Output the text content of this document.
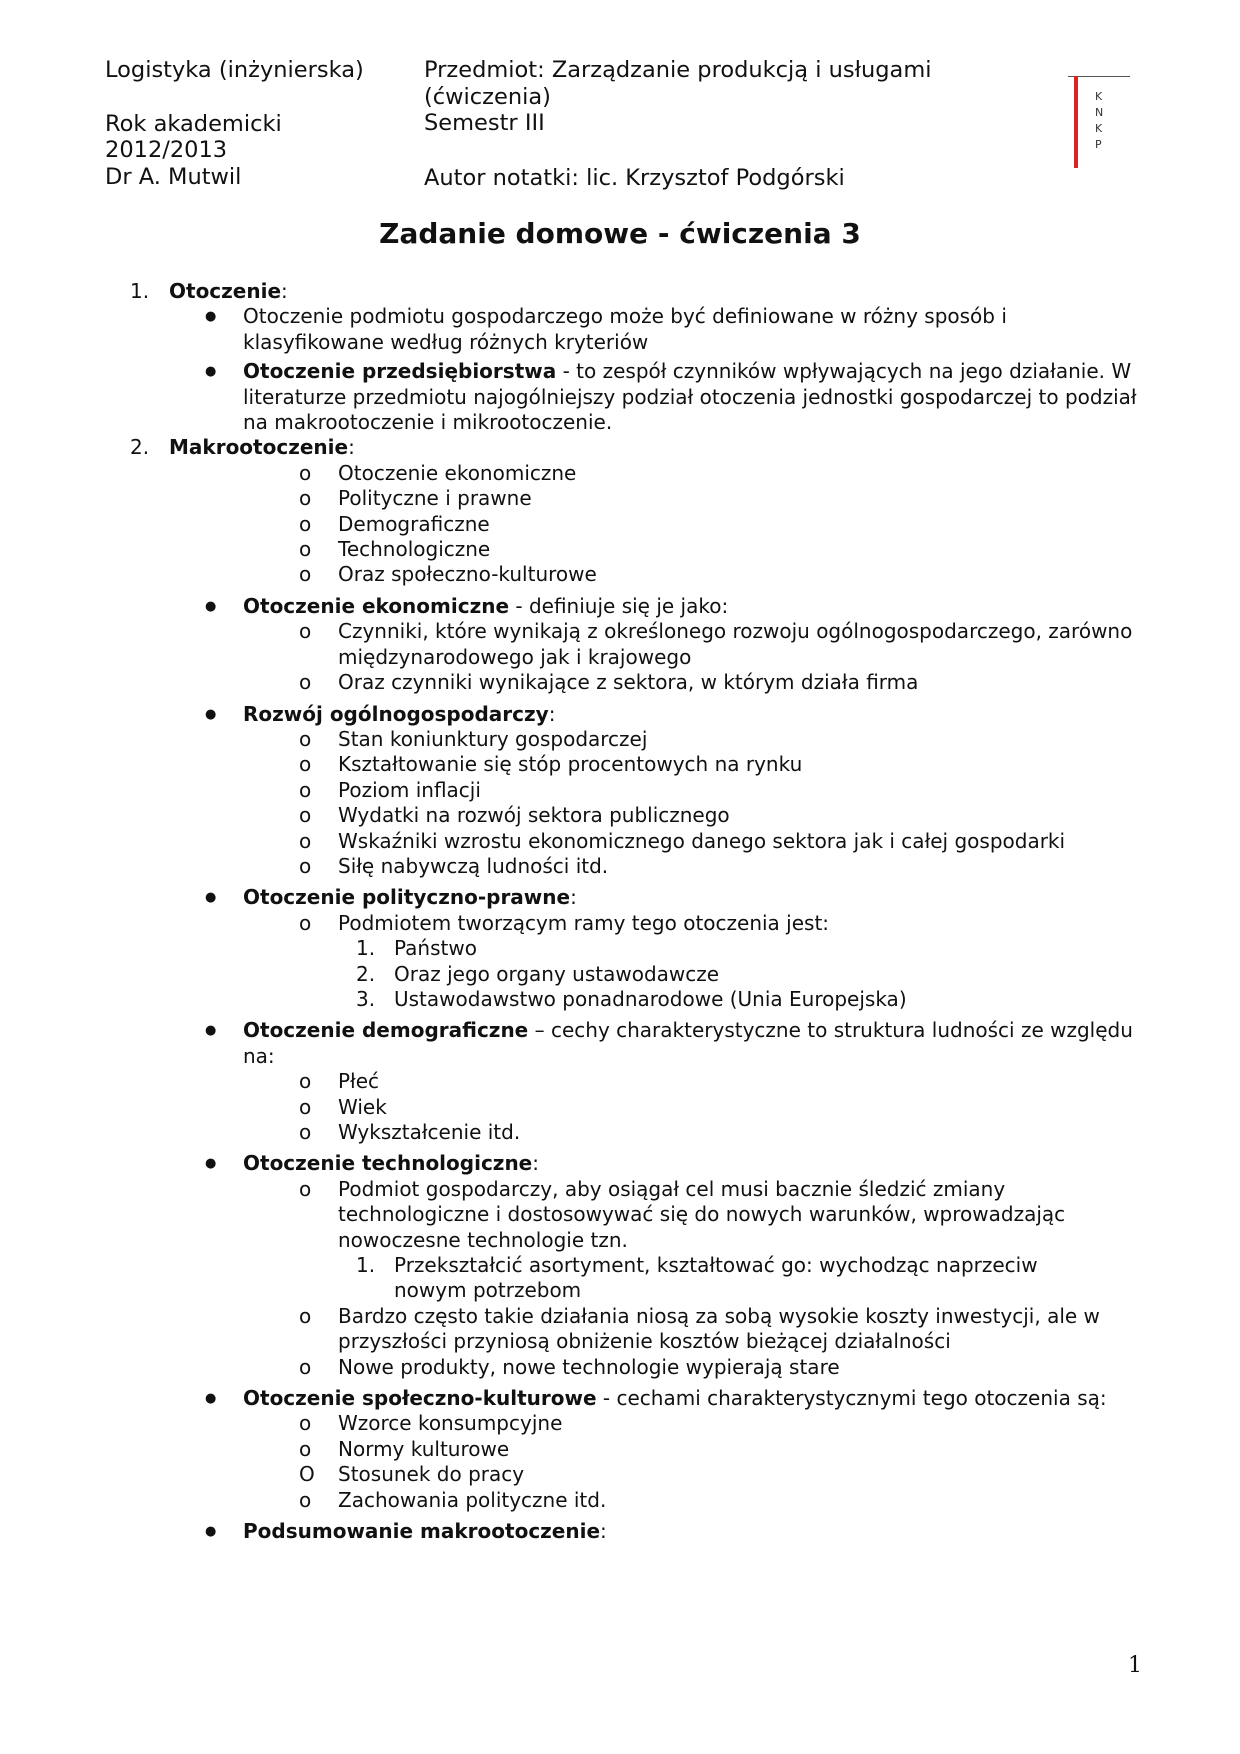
Logistyka (inżynierska)

Rok akademicki

2012/2013

Dr A. Mutwil

Przedmiot: Zarządzanie produkcją i usługami (ćwiczenia)

Semestr III

Autor notatki: lic. Krzysztof Podgórski

K
N
K
P
Zadanie domowe - ćwiczenia 3
1. Otoczenie:
● Otoczenie podmiotu gospodarczego może być definiowane w różny sposób i klasyfikowane według różnych kryteriów
● Otoczenie przedsiębiorstwa - to zespół czynników wpływających na jego działanie. W literaturze przedmiotu najogólniejszy podział otoczenia jednostki gospodarczej to podział na makrootoczenie i mikrootoczenie.
2. Makrootoczenie:
o Otoczenie ekonomiczne
o Polityczne i prawne
o Demograficzne
o Technologiczne
o Oraz społeczno-kulturowe
● Otoczenie ekonomiczne - definiuje się je jako:
o Czynniki, które wynikają z określonego rozwoju ogólnogospodarczego, zarówno międzynarodowego jak i krajowego
o Oraz czynniki wynikające z sektora, w którym działa firma
● Rozwój ogólnogospodarczy:
o Stan koniunktury gospodarczej
o Kształtowanie się stóp procentowych na rynku
o Poziom inflacji
o Wydatki na rozwój sektora publicznego
o Wskaźniki wzrostu ekonomicznego danego sektora jak i całej gospodarki
o Siłę nabywczą ludności itd.
● Otoczenie polityczno-prawne:
o Podmiotem tworzącym ramy tego otoczenia jest:
1. Państwo
2. Oraz jego organy ustawodawcze
3. Ustawodawstwo ponadnarodowe (Unia Europejska)
● Otoczenie demograficzne – cechy charakterystyczne to struktura ludności ze względu na:
o Płeć
o Wiek
o Wykształcenie itd.
● Otoczenie technologiczne:
o Podmiot gospodarczy, aby osiągał cel musi bacznie śledzić zmiany technologiczne i dostosowywać się do nowych warunków, wprowadzając nowoczesne technologie tzn.
1. Przekształcić asortyment, kształtować go: wychodząc naprzeciw nowym potrzebom
o Bardzo często takie działania niosą za sobą wysokie koszty inwestycji, ale w przyszłości przyniosą obniżenie kosztów bieżącej działalności
o Nowe produkty, nowe technologie wypierają stare
● Otoczenie społeczno-kulturowe - cechami charakterystycznymi tego otoczenia są:
o Wzorce konsumpcyjne
o Normy kulturowe
O Stosunek do pracy
o Zachowania polityczne itd.
● Podsumowanie makrootoczenie:
1
